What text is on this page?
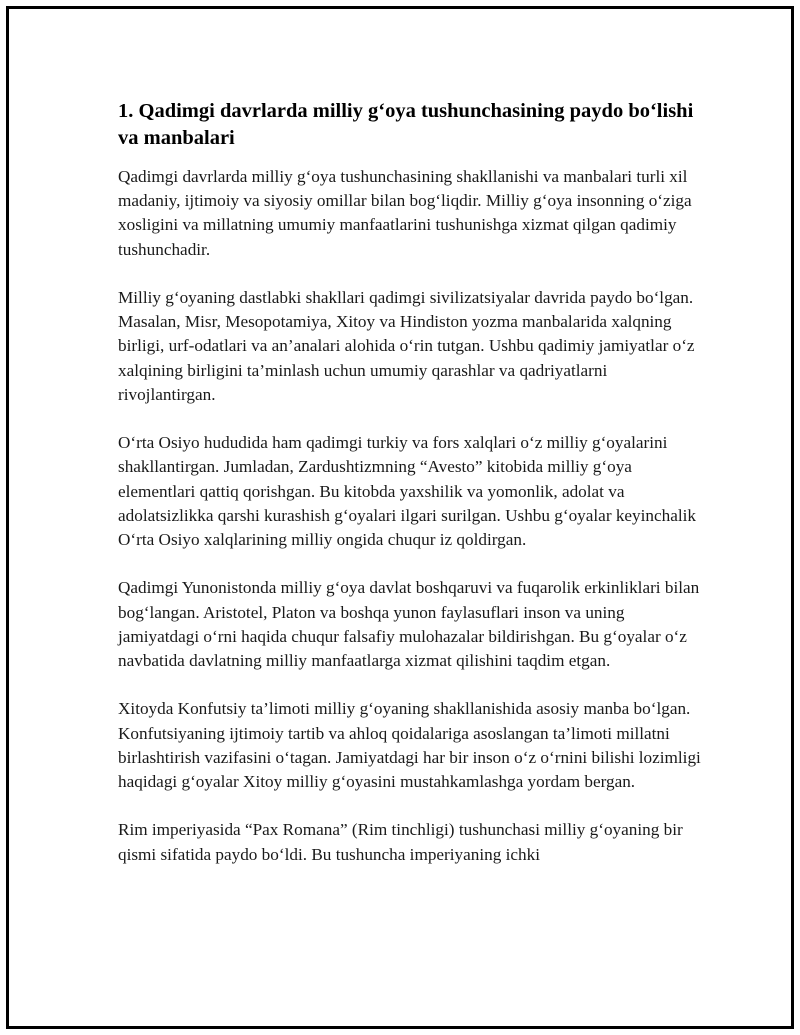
1. Qadimgi davrlarda milliy g‘oya tushunchasining paydo bo‘lishi va manbalari

Qadimgi davrlarda milliy g‘oya tushunchasining shakllanishi va manbalari turli xil madaniy, ijtimoiy va siyosiy omillar bilan bog‘liqdir. Milliy g‘oya insonning o‘ziga xosligini va millatning umumiy manfaatlarini tushunishga xizmat qilgan qadimiy tushunchadir.

Milliy g‘oyaning dastlabki shakllari qadimgi sivilizatsiyalar davrida paydo bo‘lgan. Masalan, Misr, Mesopotamiya, Xitoy va Hindiston yozma manbalarida xalqning birligi, urf-odatlari va an’analari alohida o‘rin tutgan. Ushbu qadimiy jamiyatlar o‘z xalqining birligini ta’minlash uchun umumiy qarashlar va qadriyatlarni rivojlantirgan.

O‘rta Osiyo hududida ham qadimgi turkiy va fors xalqlari o‘z milliy g‘oyalarini shakllantirgan. Jumladan, Zardushtizmning “Avesto” kitobida milliy g‘oya elementlari qattiq qorishgan. Bu kitobda yaxshilik va yomonlik, adolat va adolatsizlikka qarshi kurashish g‘oyalari ilgari surilgan. Ushbu g‘oyalar keyinchalik O‘rta Osiyo xalqlarining milliy ongida chuqur iz qoldirgan.

Qadimgi Yunonistonda milliy g‘oya davlat boshqaruvi va fuqarolik erkinliklari bilan bog‘langan. Aristotel, Platon va boshqa yunon faylasuflari inson va uning jamiyatdagi o‘rni haqida chuqur falsafiy mulohazalar bildirishgan. Bu g‘oyalar o‘z navbatida davlatning milliy manfaatlarga xizmat qilishini taqdim etgan.

Xitoyda Konfutsiy ta’limoti milliy g‘oyaning shakllanishida asosiy manba bo‘lgan. Konfutsiyaning ijtimoiy tartib va ahloq qoidalariga asoslangan ta’limoti millatni birlashtirish vazifasini o‘tagan. Jamiyatdagi har bir inson o‘z o‘rnini bilishi lozimligi haqidagi g‘oyalar Xitoy milliy g‘oyasini mustahkamlashga yordam bergan.

Rim imperiyasida “Pax Romana” (Rim tinchligi) tushunchasi milliy g‘oyaning bir qismi sifatida paydo bo‘ldi. Bu tushuncha imperiyaning ichki
